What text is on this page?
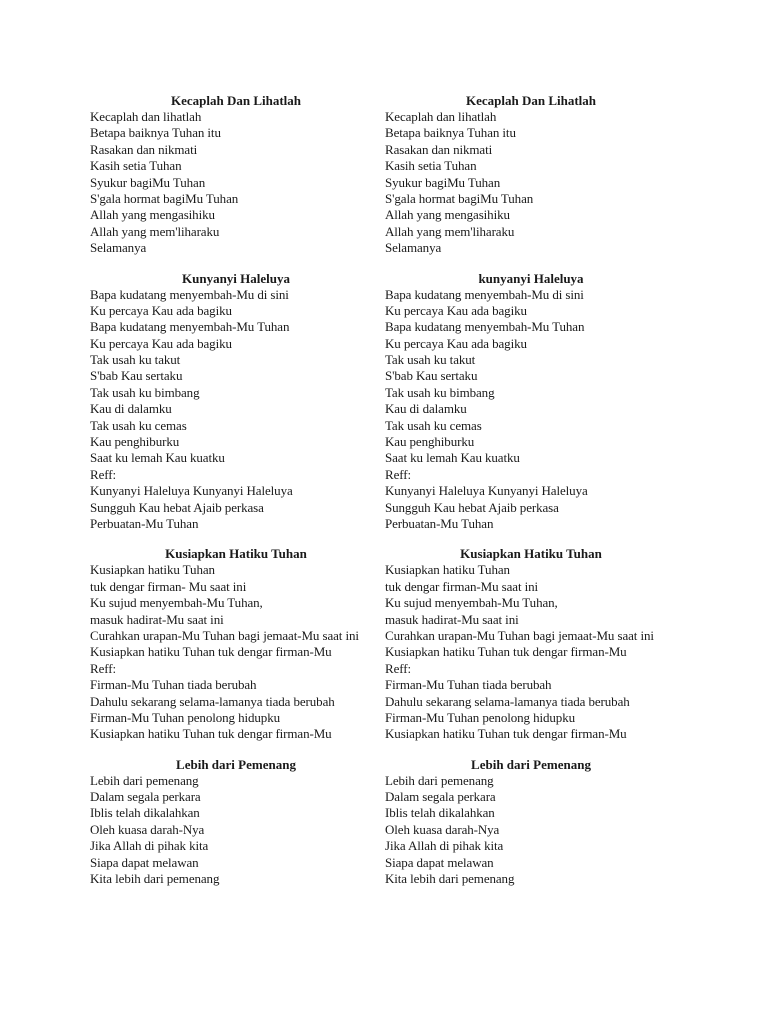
Kecaplah Dan Lihatlah
Kecaplah dan lihatlah
Betapa baiknya Tuhan itu
Rasakan dan nikmati
Kasih setia Tuhan
Syukur bagiMu Tuhan
S'gala hormat bagiMu Tuhan
Allah yang mengasihiku
Allah yang mem'liharaku
Selamanya
Kunyanyi Haleluya
Bapa kudatang menyembah-Mu di sini
Ku percaya Kau ada bagiku
Bapa kudatang menyembah-Mu Tuhan
Ku percaya Kau ada bagiku
Tak usah ku takut
S'bab Kau sertaku
Tak usah ku bimbang
Kau di dalamku
Tak usah ku cemas
Kau penghiburku
Saat ku lemah Kau kuatku
Reff:
Kunyanyi Haleluya Kunyanyi Haleluya
Sungguh Kau hebat Ajaib perkasa
Perbuatan-Mu Tuhan
Kusiapkan Hatiku Tuhan
Kusiapkan hatiku Tuhan
tuk dengar firman- Mu saat ini
Ku sujud menyembah-Mu Tuhan,
masuk hadirat-Mu saat ini
Curahkan urapan-Mu Tuhan bagi jemaat-Mu saat ini
Kusiapkan hatiku Tuhan tuk dengar firman-Mu
Reff:
Firman-Mu Tuhan tiada berubah
Dahulu sekarang selama-lamanya tiada berubah
Firman-Mu Tuhan penolong hidupku
Kusiapkan hatiku Tuhan tuk dengar firman-Mu
Lebih dari Pemenang
Lebih dari pemenang
Dalam segala perkara
Iblis telah dikalahkan
Oleh kuasa darah-Nya
Jika Allah di pihak kita
Siapa dapat melawan
Kita lebih dari pemenang
Kecaplah Dan Lihatlah
Kecaplah dan lihatlah
Betapa baiknya Tuhan itu
Rasakan dan nikmati
Kasih setia Tuhan
Syukur bagiMu Tuhan
S'gala hormat bagiMu Tuhan
Allah yang mengasihiku
Allah yang mem'liharaku
Selamanya
kunyanyi Haleluya
Bapa kudatang menyembah-Mu di sini
Ku percaya Kau ada bagiku
Bapa kudatang menyembah-Mu Tuhan
Ku percaya Kau ada bagiku
Tak usah ku takut
S'bab Kau sertaku
Tak usah ku bimbang
Kau di dalamku
Tak usah ku cemas
Kau penghiburku
Saat ku lemah Kau kuatku
Reff:
Kunyanyi Haleluya Kunyanyi Haleluya
Sungguh Kau hebat Ajaib perkasa
Perbuatan-Mu Tuhan
Kusiapkan Hatiku Tuhan
Kusiapkan hatiku Tuhan
tuk dengar firman-Mu saat ini
Ku sujud menyembah-Mu Tuhan,
masuk hadirat-Mu saat ini
Curahkan urapan-Mu Tuhan bagi jemaat-Mu saat ini
Kusiapkan hatiku Tuhan tuk dengar firman-Mu
Reff:
Firman-Mu Tuhan tiada berubah
Dahulu sekarang selama-lamanya tiada berubah
Firman-Mu Tuhan penolong hidupku
Kusiapkan hatiku Tuhan tuk dengar firman-Mu
Lebih dari Pemenang
Lebih dari pemenang
Dalam segala perkara
Iblis telah dikalahkan
Oleh kuasa darah-Nya
Jika Allah di pihak kita
Siapa dapat melawan
Kita lebih dari pemenang
